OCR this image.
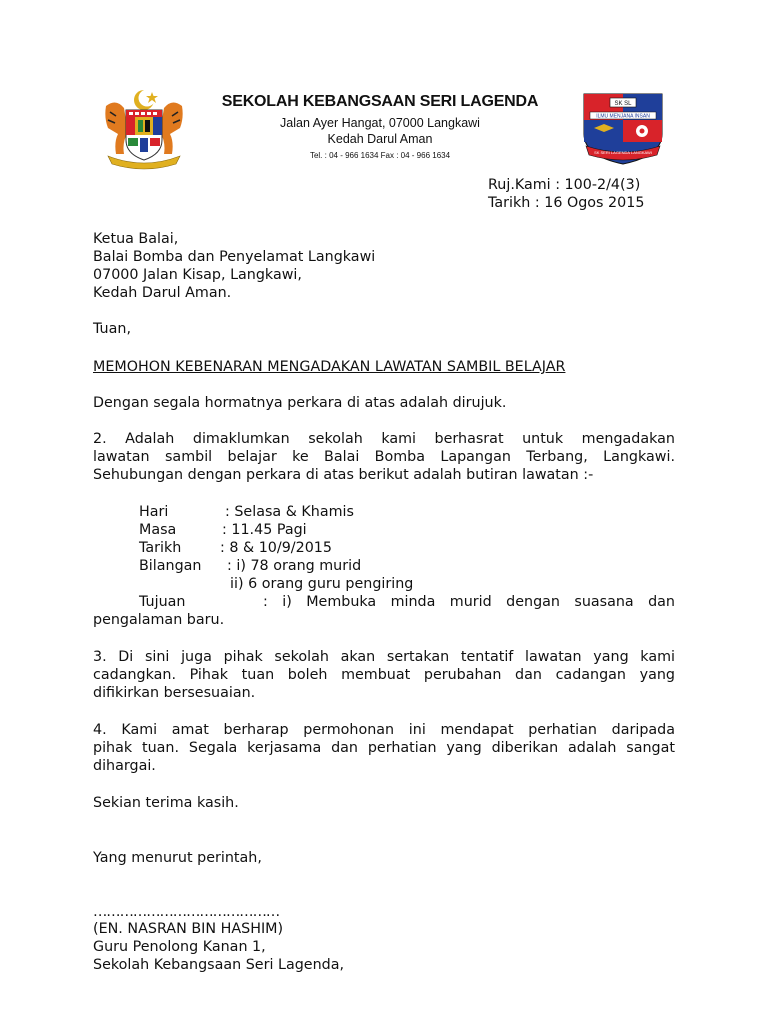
SK SL
ILMU MENJANA INSAN
SK SERI LAGENDA LANGKAWI
SEKOLAH KEBANGSAAN SERI LAGENDA
Jalan Ayer Hangat, 07000 Langkawi
Kedah Darul Aman
Tel. : 04 - 966 1634 Fax : 04 - 966 1634
Ruj.Kami : 100-2/4(3)
Tarikh : 16 Ogos 2015
Ketua Balai,
Balai Bomba dan Penyelamat Langkawi
07000 Jalan Kisap, Langkawi,
Kedah Darul Aman.
Tuan,
MEMOHON KEBENARAN MENGADAKAN LAWATAN SAMBIL BELAJAR
Dengan segala hormatnya perkara di atas adalah dirujuk.
2. Adalah dimaklumkan sekolah kami berhasrat untuk mengadakan
lawatan sambil belajar ke Balai Bomba Lapangan Terbang, Langkawi.
Sehubungan dengan perkara di atas berikut adalah butiran lawatan :-
Hari	: Selasa & Khamis
Masa	: 11.45 Pagi
Tarikh	: 8 & 10/9/2015
Bilangan : i) 78 orang murid
ii) 6 orang guru pengiring
Tujuan	: i) Membuka minda murid dengan suasana dan
pengalaman baru.
3. Di sini juga pihak sekolah akan sertakan tentatif lawatan yang kami
cadangkan. Pihak tuan boleh membuat perubahan dan cadangan yang
difikirkan bersesuaian.
4. Kami amat berharap permohonan ini mendapat perhatian daripada
pihak tuan. Segala kerjasama dan perhatian yang diberikan adalah sangat
dihargai.
Sekian terima kasih.
Yang menurut perintah,
……………………………………
(EN. NASRAN BIN HASHIM)
Guru Penolong Kanan 1,
Sekolah Kebangsaan Seri Lagenda,
